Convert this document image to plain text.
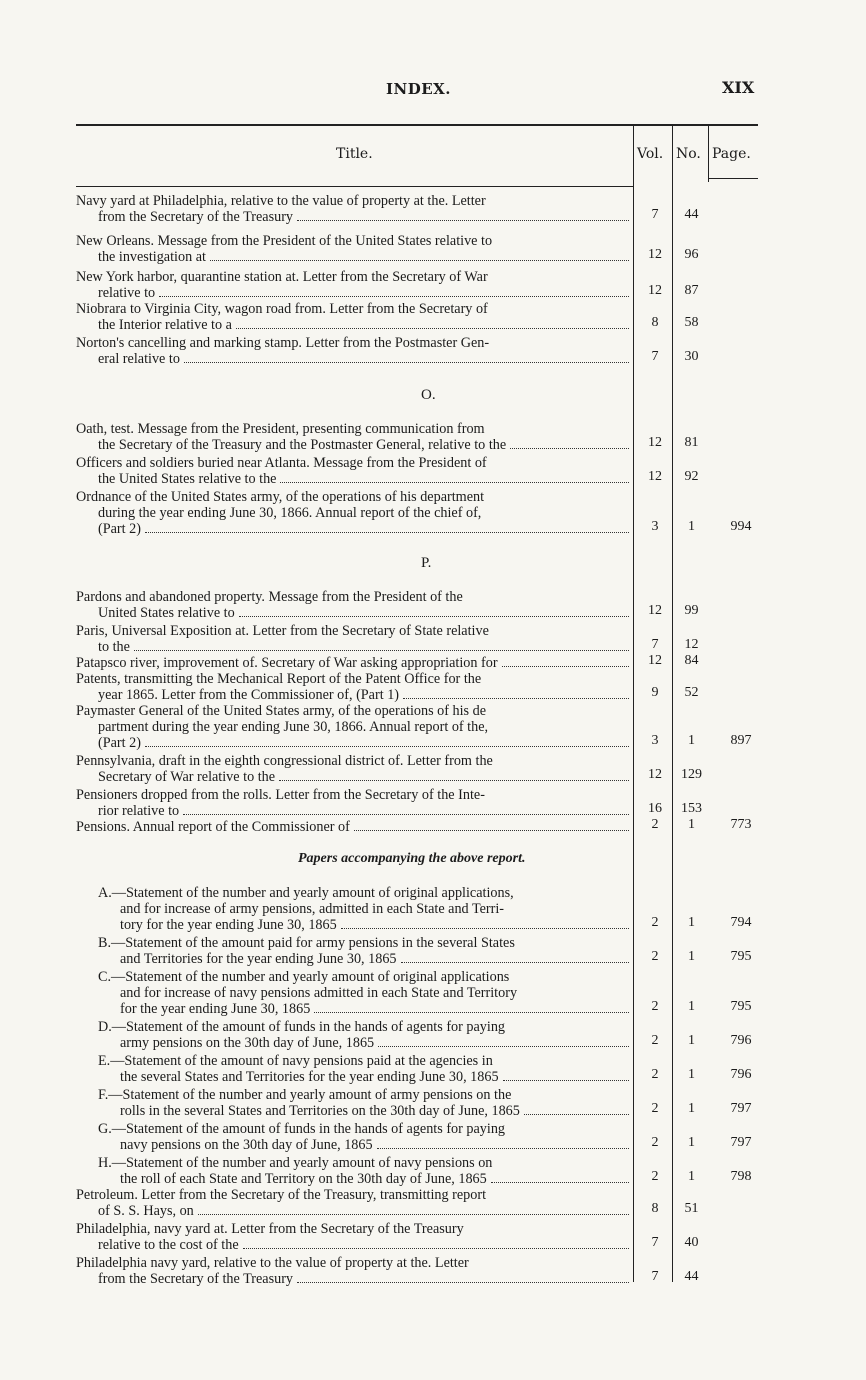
INDEX.	XIX
Title.	Vol. No. Page.
Navy yard at Philadelphia, relative to the value of property at the. Letter
from the Secretary of the Treasury	7	44
New Orleans. Message from the President of the United States relative to
the investigation at	12	96
New York harbor, quarantine station at. Letter from the Secretary of War
relative to	12	87
Niobrara to Virginia City, wagon road from. Letter from the Secretary of
the Interior relative to a	8	58
Norton's cancelling and marking stamp. Letter from the Postmaster Gen-
eral relative to	7	30
O.
Oath, test. Message from the President, presenting communication from
the Secretary of the Treasury and the Postmaster General, relative to the	12	81
Officers and soldiers buried near Atlanta. Message from the President of
the United States relative to the	12	92
Ordnance of the United States army, of the operations of his department
during the year ending June 30, 1866. Annual report of the chief of,
(Part 2)	3	1	994
P.
Pardons and abandoned property. Message from the President of the
United States relative to	12	99
Paris, Universal Exposition at. Letter from the Secretary of State relative
to the	7	12
Patapsco river, improvement of. Secretary of War asking appropriation for	12	84
Patents, transmitting the Mechanical Report of the Patent Office for the
year 1865. Letter from the Commissioner of, (Part 1)	9	52
Paymaster General of the United States army, of the operations of his de
partment during the year ending June 30, 1866. Annual report of the,
(Part 2)	3	1	897
Pennsylvania, draft in the eighth congressional district of. Letter from the
Secretary of War relative to the	12	129
Pensioners dropped from the rolls. Letter from the Secretary of the Inte-
rior relative to	16	153
Pensions. Annual report of the Commissioner of	2	1	773
Papers accompanying the above report.
A.—Statement of the number and yearly amount of original applications,
and for increase of army pensions, admitted in each State and Terri-
tory for the year ending June 30, 1865	2	1	794
B.—Statement of the amount paid for army pensions in the several States
and Territories for the year ending June 30, 1865	2	1	795
C.—Statement of the number and yearly amount of original applications
and for increase of navy pensions admitted in each State and Territory
for the year ending June 30, 1865	2	1	795
D.—Statement of the amount of funds in the hands of agents for paying
army pensions on the 30th day of June, 1865	2	1	796
E.—Statement of the amount of navy pensions paid at the agencies in
the several States and Territories for the year ending June 30, 1865	2	1	796
F.—Statement of the number and yearly amount of army pensions on the
rolls in the several States and Territories on the 30th day of June, 1865	2	1	797
G.—Statement of the amount of funds in the hands of agents for paying
navy pensions on the 30th day of June, 1865	2	1	797
H.—Statement of the number and yearly amount of navy pensions on
the roll of each State and Territory on the 30th day of June, 1865	2	1	798
Petroleum. Letter from the Secretary of the Treasury, transmitting report
of S. S. Hays, on	8	51
Philadelphia, navy yard at. Letter from the Secretary of the Treasury
relative to the cost of the	7	40
Philadelphia navy yard, relative to the value of property at the. Letter
from the Secretary of the Treasury	7	44
